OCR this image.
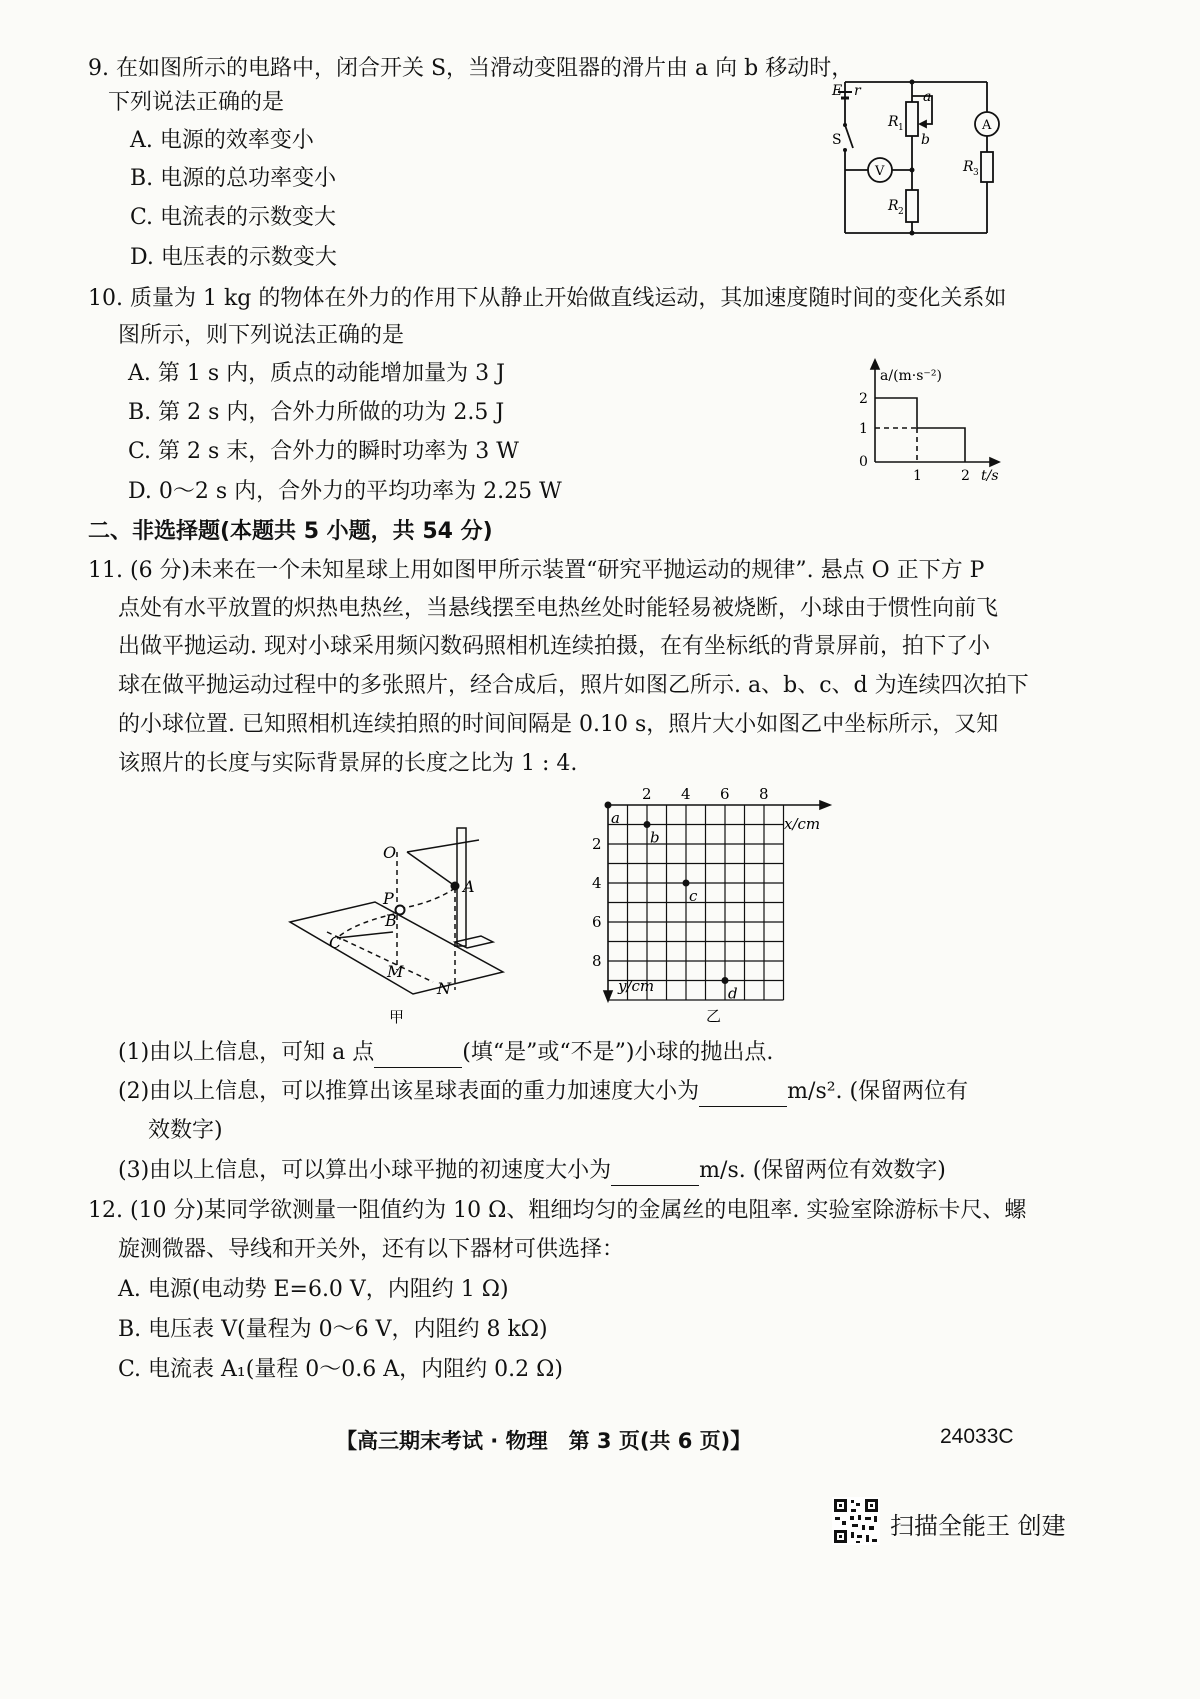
9. 在如图所示的电路中，闭合开关 S，当滑动变阻器的滑片由 a 向 b 移动时，
下列说法正确的是
A. 电源的效率变小
B. 电源的总功率变小
C. 电流表的示数变大
D. 电压表的示数变大
E r
S
a
R 1
b
V
A
R 3
R 2
10. 质量为 1 kg 的物体在外力的作用下从静止开始做直线运动，其加速度随时间的变化关系如
图所示，则下列说法正确的是
A. 第 1 s 内，质点的动能增加量为 3 J
B. 第 2 s 内，合外力所做的功为 2.5 J
C. 第 2 s 末，合外力的瞬时功率为 3 W
D. 0～2 s 内，合外力的平均功率为 2.25 W
a/(m·s⁻²)
2
1
0
1	2 t/s
二、非选择题(本题共 5 小题，共 54 分)
11. (6 分)未来在一个未知星球上用如图甲所示装置“研究平抛运动的规律”. 悬点 O 正下方 P
点处有水平放置的炽热电热丝，当悬线摆至电热丝处时能轻易被烧断，小球由于惯性向前飞
出做平抛运动. 现对小球采用频闪数码照相机连续拍摄，在有坐标纸的背景屏前，拍下了小
球在做平抛运动过程中的多张照片，经合成后，照片如图乙所示. a、b、c、d 为连续四次拍下
的小球位置. 已知照相机连续拍照的时间间隔是 0.10 s，照片大小如图乙中坐标所示，又知
该照片的长度与实际背景屏的长度之比为 1 : 4.
O
A
P
B
C
M
N
甲
2 4 6 8
2
4
6
8
a
b
c
d
x/cm
y/cm
乙
(1)由以上信息，可知 a 点	(填“是”或“不是”)小球的抛出点.
(2)由以上信息，可以推算出该星球表面的重力加速度大小为	m/s². (保留两位有
效数字)
(3)由以上信息，可以算出小球平抛的初速度大小为	m/s. (保留两位有效数字)
12. (10 分)某同学欲测量一阻值约为 10 Ω、粗细均匀的金属丝的电阻率. 实验室除游标卡尺、螺
旋测微器、导线和开关外，还有以下器材可供选择：
A. 电源(电动势 E=6.0 V，内阻约 1 Ω)
B. 电压表 V(量程为 0～6 V，内阻约 8 kΩ)
C. 电流表 A₁(量程 0～0.6 A，内阻约 0.2 Ω)
【高三期末考试 · 物理　第 3 页(共 6 页)】	24033C
扫描全能王 创建
